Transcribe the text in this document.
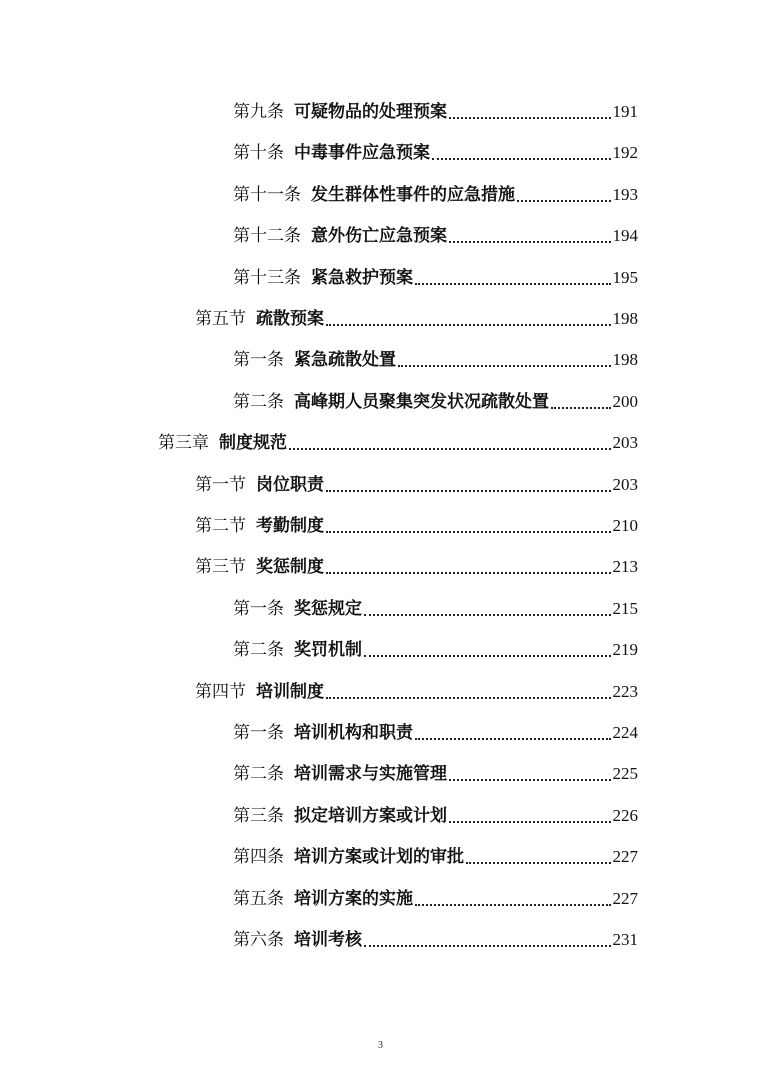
第九条 可疑物品的处理预案	191
第十条 中毒事件应急预案	192
第十一条 发生群体性事件的应急措施	193
第十二条 意外伤亡应急预案	194
第十三条 紧急救护预案	195
第五节 疏散预案	198
第一条 紧急疏散处置	198
第二条 高峰期人员聚集突发状况疏散处置	200
第三章 制度规范	203
第一节 岗位职责	203
第二节 考勤制度	210
第三节 奖惩制度	213
第一条 奖惩规定	215
第二条 奖罚机制	219
第四节 培训制度	223
第一条 培训机构和职责	224
第二条 培训需求与实施管理	225
第三条 拟定培训方案或计划	226
第四条 培训方案或计划的审批	227
第五条 培训方案的实施	227
第六条 培训考核	231
3
